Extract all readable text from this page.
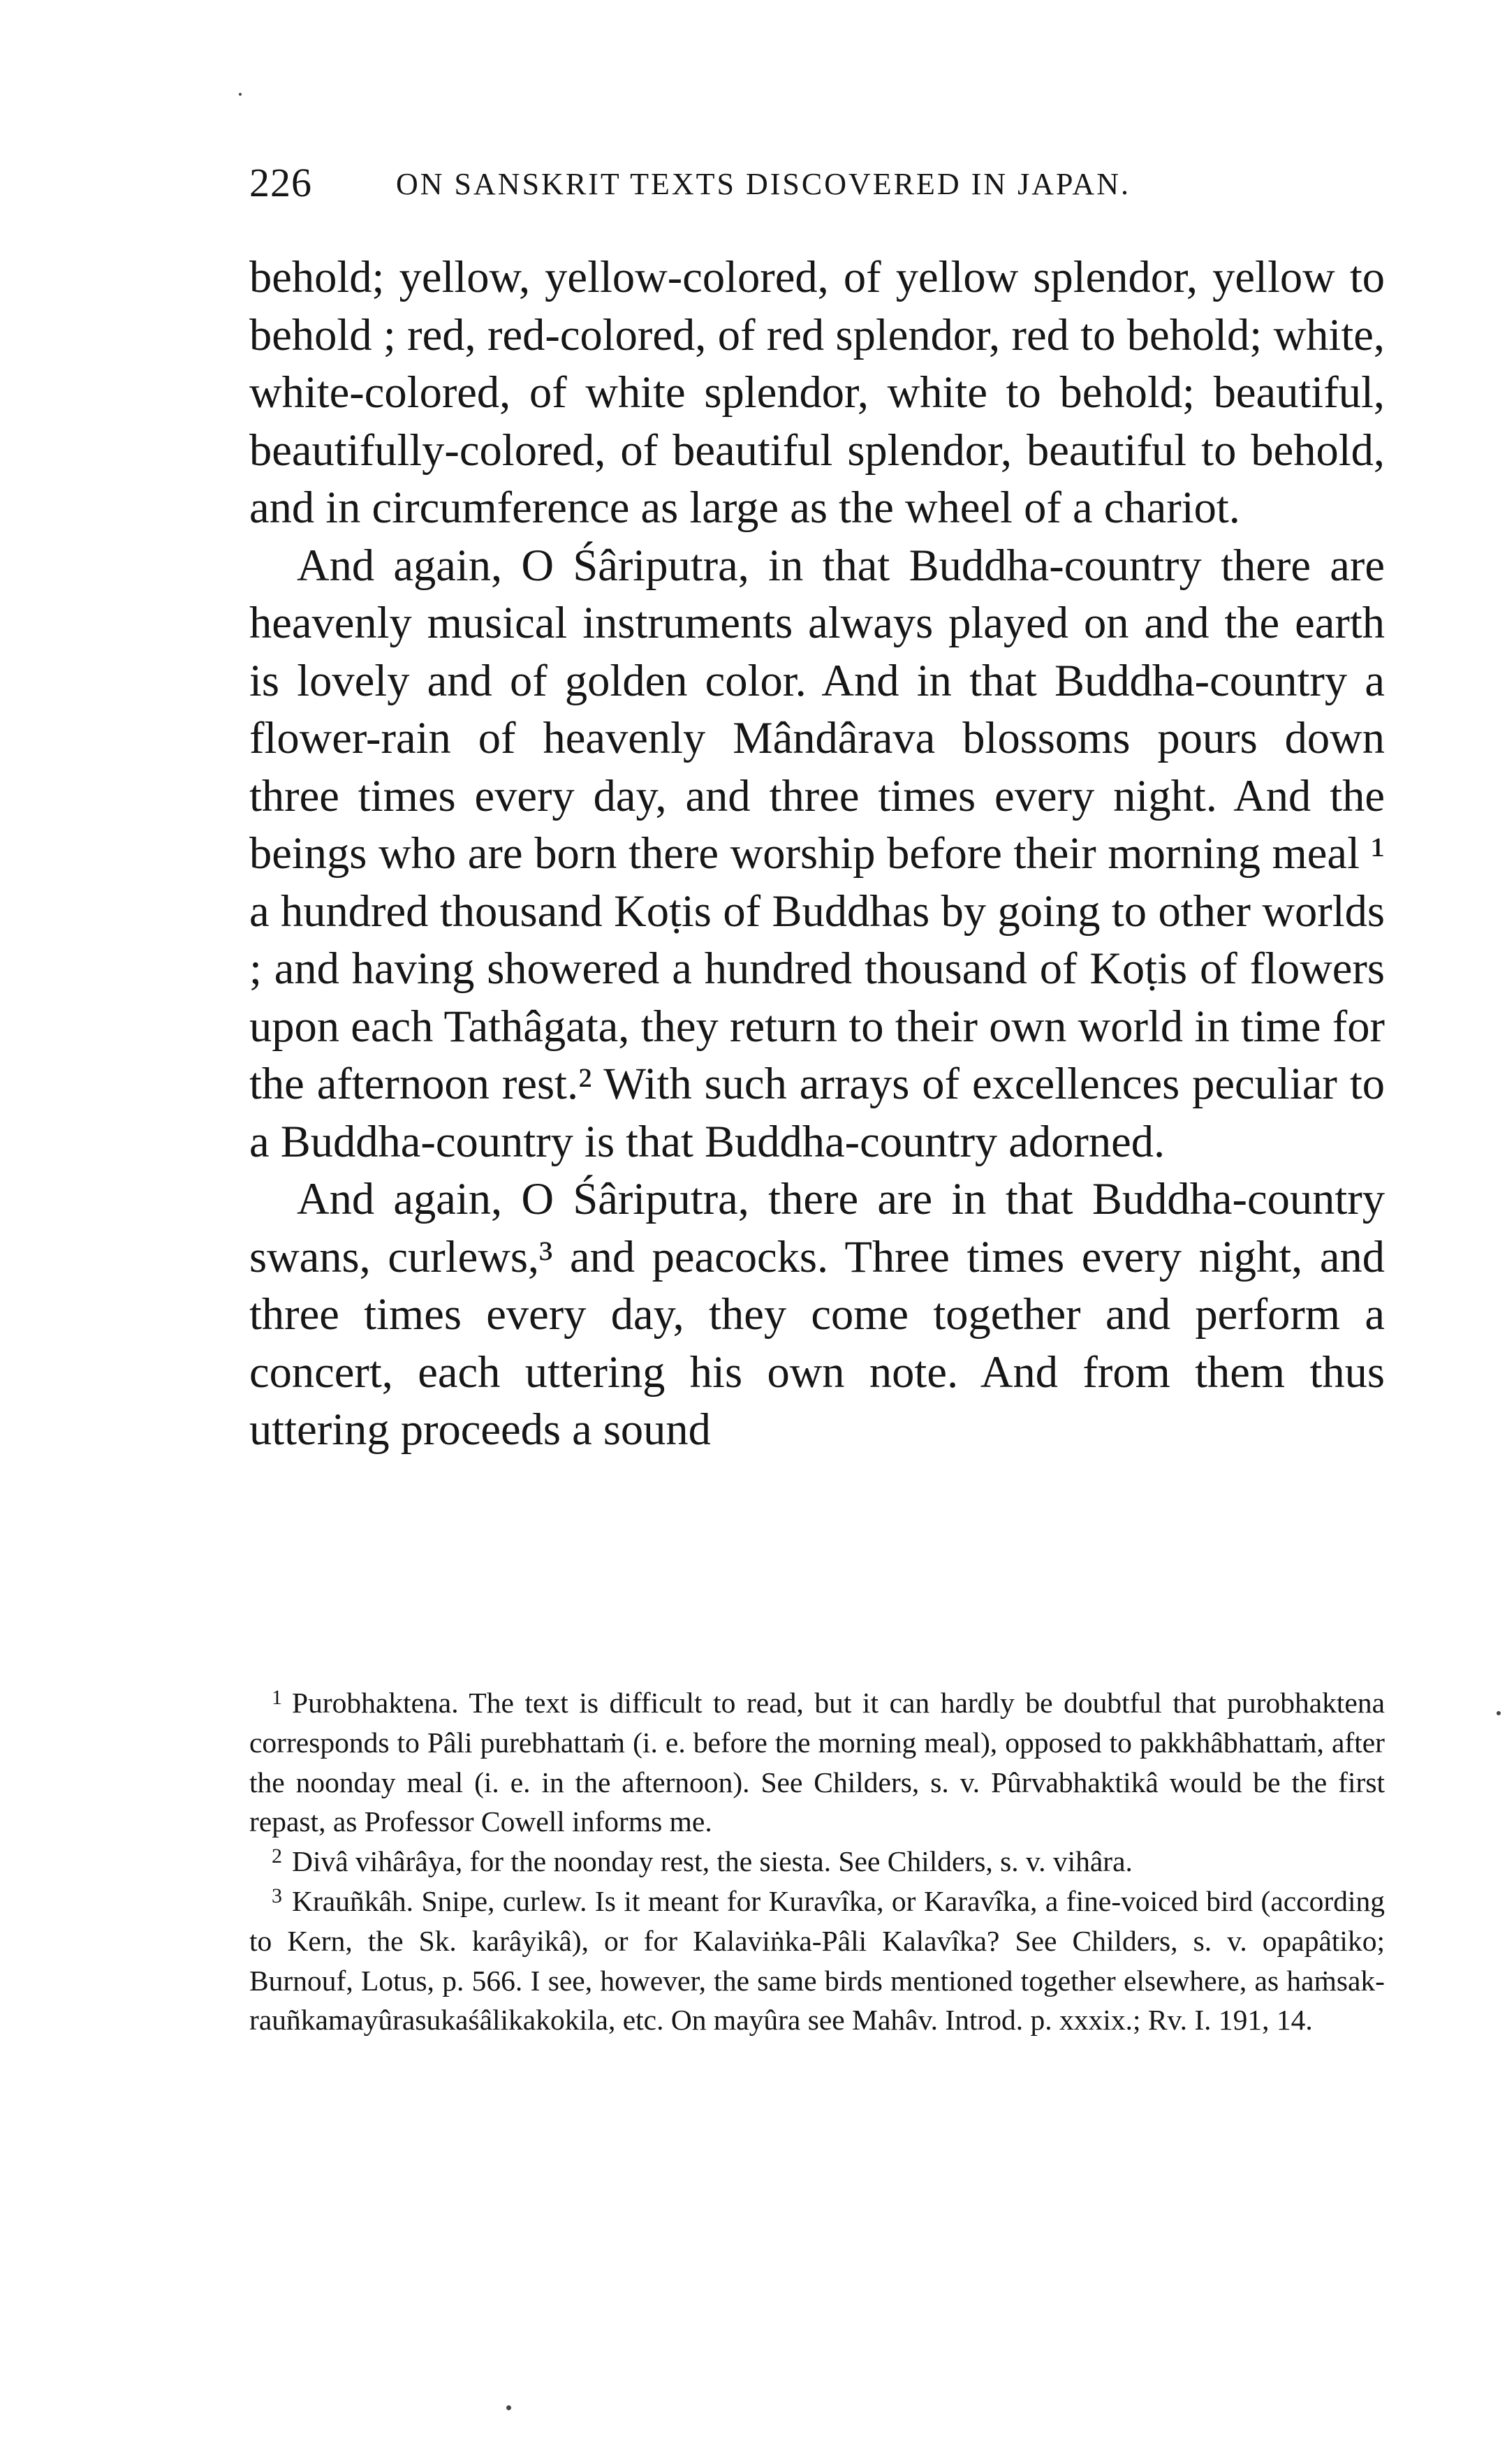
226	ON SANSKRIT TEXTS DISCOVERED IN JAPAN.

behold; yellow, yellow-colored, of yellow splendor, yellow to behold ; red, red-colored, of red splendor, red to behold; white, white-colored, of white splendor, white to behold; beautiful, beautifully-colored, of beautiful splendor, beautiful to behold, and in circumference as large as the wheel of a chariot.

And again, O Śâriputra, in that Buddha-country there are heavenly musical instruments always played on and the earth is lovely and of golden color. And in that Buddha-country a flower-rain of heavenly Mândârava blossoms pours down three times every day, and three times every night. And the beings who are born there worship before their morning meal ¹ a hundred thousand Koṭis of Buddhas by going to other worlds ; and having showered a hundred thousand of Koṭis of flowers upon each Tathâgata, they return to their own world in time for the afternoon rest.² With such arrays of excellences peculiar to a Buddha-country is that Buddha-country adorned.

And again, O Śâriputra, there are in that Buddha-country swans, curlews,³ and peacocks. Three times every night, and three times every day, they come together and perform a concert, each uttering his own note. And from them thus uttering proceeds a sound

$^1$ Purobhaktena. The text is difficult to read, but it can hardly be doubtful that purobhaktena corresponds to Pâli purebhattaṁ (i. e. before the morning meal), opposed to pakkhâbhattaṁ, after the noonday meal (i. e. in the afternoon). See Childers, s. v. Pûrvabhaktikâ would be the first repast, as Professor Cowell informs me.

$^2$ Divâ vihârâya, for the noonday rest, the siesta. See Childers, s. v. vihâra.

$^3$ Krauñkâh. Snipe, curlew. Is it meant for Kuravîka, or Karavîka, a fine-voiced bird (according to Kern, the Sk. karâyikâ), or for Kalaviṅka-Pâli Kalavîka? See Childers, s. v. opapâtiko; Burnouf, Lotus, p. 566. I see, however, the same birds mentioned together elsewhere, as haṁsak-rauñkamayûrasukaśâlikakokila, etc. On mayûra see Mahâv. Introd. p. xxxix.; Rv. I. 191, 14.
